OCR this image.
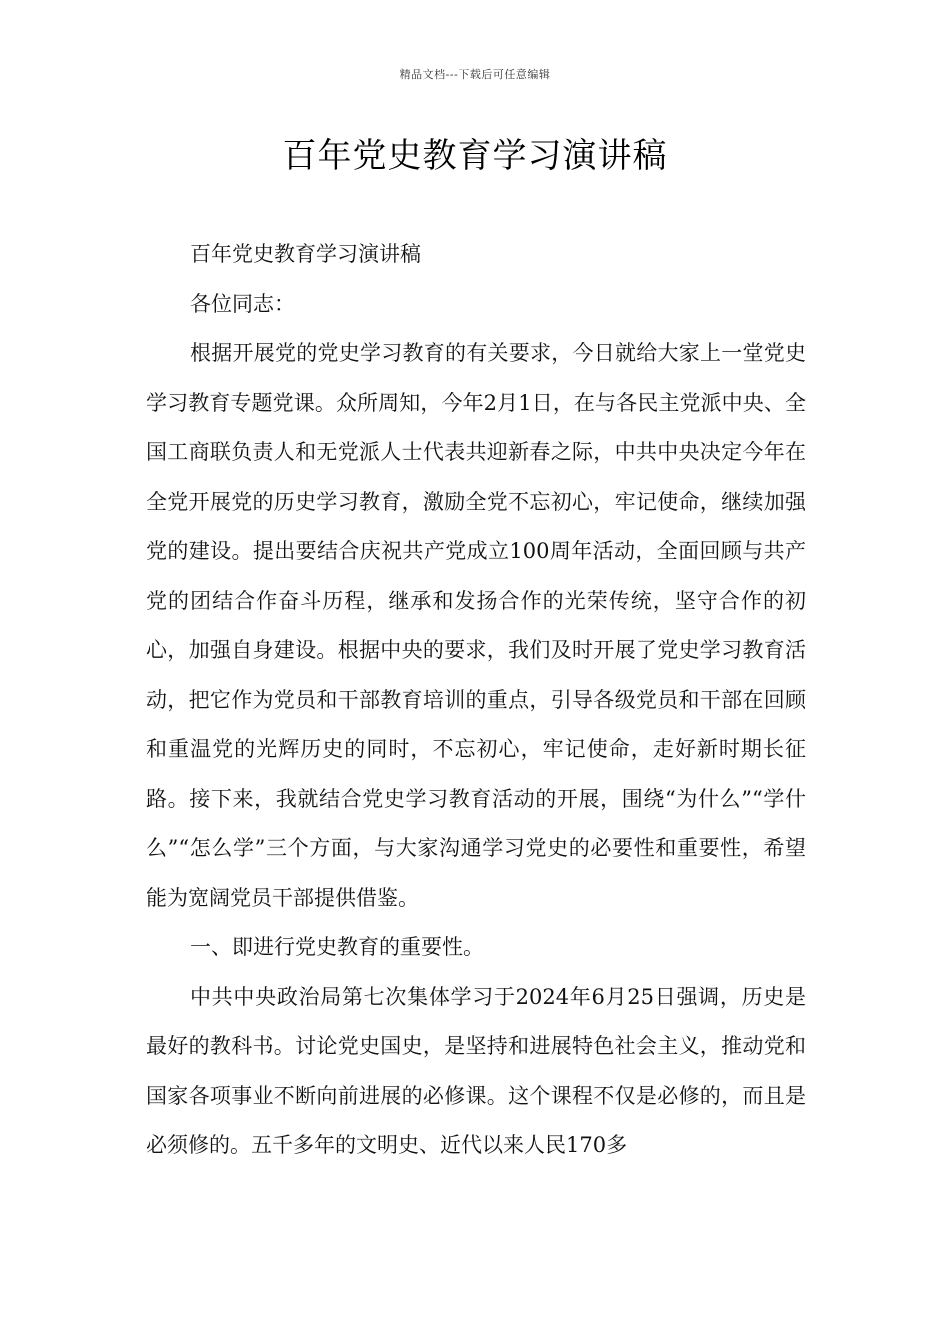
精品文档---下载后可任意编辑
百年党史教育学习演讲稿

百年党史教育学习演讲稿

各位同志：

根据开展党的党史学习教育的有关要求，今日就给大家上一堂党史学习教育专题党课。众所周知，今年2月1日，在与各民主党派中央、全国工商联负责人和无党派人士代表共迎新春之际，中共中央决定今年在全党开展党的历史学习教育，激励全党不忘初心，牢记使命，继续加强党的建设。提出要结合庆祝共产党成立100周年活动，全面回顾与共产党的团结合作奋斗历程，继承和发扬合作的光荣传统，坚守合作的初心，加强自身建设。根据中央的要求，我们及时开展了党史学习教育活动，把它作为党员和干部教育培训的重点，引导各级党员和干部在回顾和重温党的光辉历史的同时，不忘初心，牢记使命，走好新时期长征路。接下来，我就结合党史学习教育活动的开展，围绕“为什么”“学什么”“怎么学”三个方面，与大家沟通学习党史的必要性和重要性，希望能为宽阔党员干部提供借鉴。

一、即进行党史教育的重要性。

中共中央政治局第七次集体学习于2024年6月25日强调，历史是最好的教科书。讨论党史国史，是坚持和进展特色社会主义，推动党和国家各项事业不断向前进展的必修课。这个课程不仅是必修的，而且是必须修的。五千多年的文明史、近代以来人民170多
